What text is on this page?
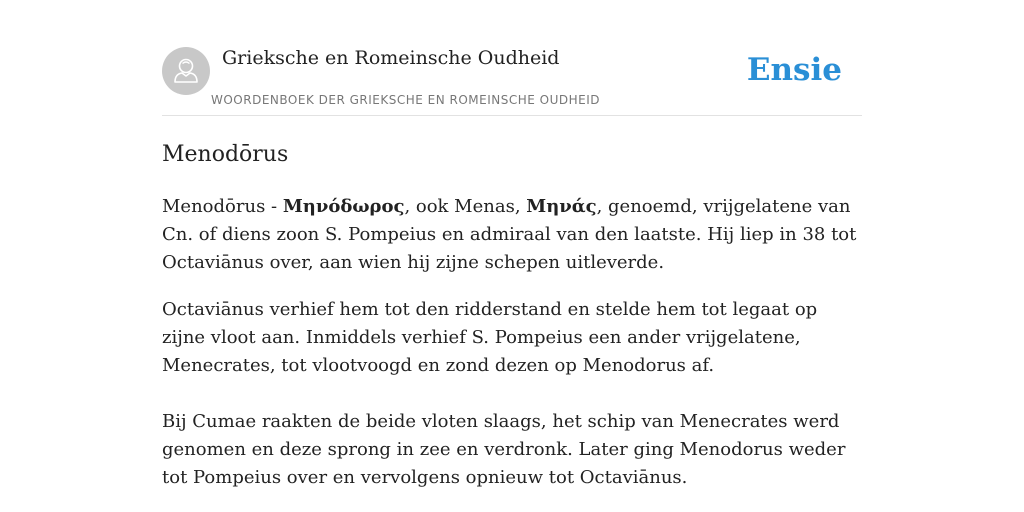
Grieksche en Romeinsche Oudheid
WOORDENBOEK DER GRIEKSCHE EN ROMEINSCHE OUDHEID
Ensie
Menodōrus

Menodōrus - Μηνόδωρος, ook Menas, Μηνάς, genoemd, vrijgelatene van Cn. of diens zoon S. Pompeius en admiraal van den laatste. Hij liep in 38 tot Octaviānus over, aan wien hij zijne schepen uitleverde.

Octaviānus verhief hem tot den ridderstand en stelde hem tot legaat op zijne vloot aan. Inmiddels verhief S. Pompeius een ander vrijgelatene, Menecrates, tot vlootvoogd en zond dezen op Menodorus af.

Bij Cumae raakten de beide vloten slaags, het schip van Menecrates werd genomen en deze sprong in zee en verdronk. Later ging Menodorus weder tot Pompeius over en vervolgens opnieuw tot Octaviānus.
